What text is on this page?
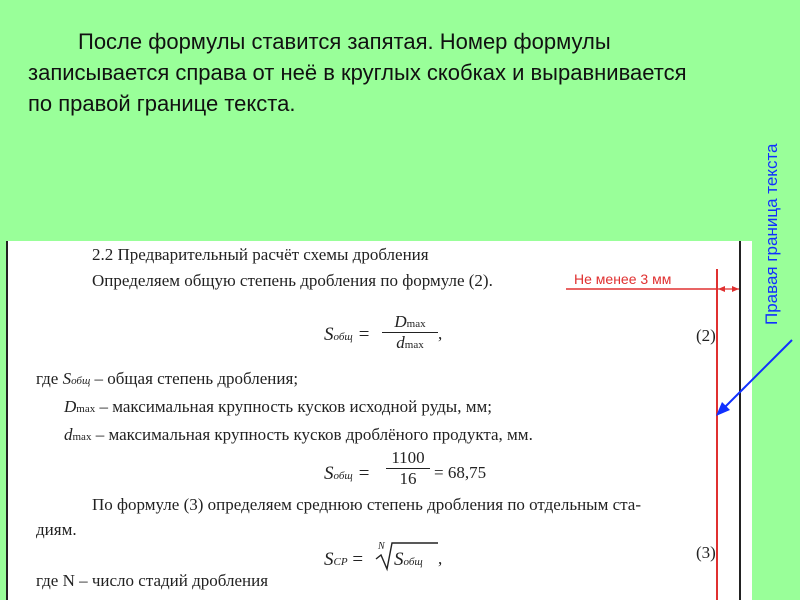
После формулы ставится запятая. Номер формулы
записывается справа от неё в круглых скобках и выравнивается
по правой границе текста.
2.2 Предварительный расчёт схемы дробления
Определяем общую степень дробления по формуле (2).	Не менее 3 мм
Sобщ =
Dmax
dmax
,	(2)
где Sобщ – общая степень дробления;
Dmax – максимальная крупность кусков исходной руды, мм;
dmax – максимальная крупность кусков дроблёного продукта, мм.
Sобщ = $\frac{1100}{16} = 68,75$
По формуле (3) определяем среднюю степень дробления по отдельным ста-
диям.
SCP =
N
Sобщ ,	(3)
где N – число стадий дробления
Правая граница текста
